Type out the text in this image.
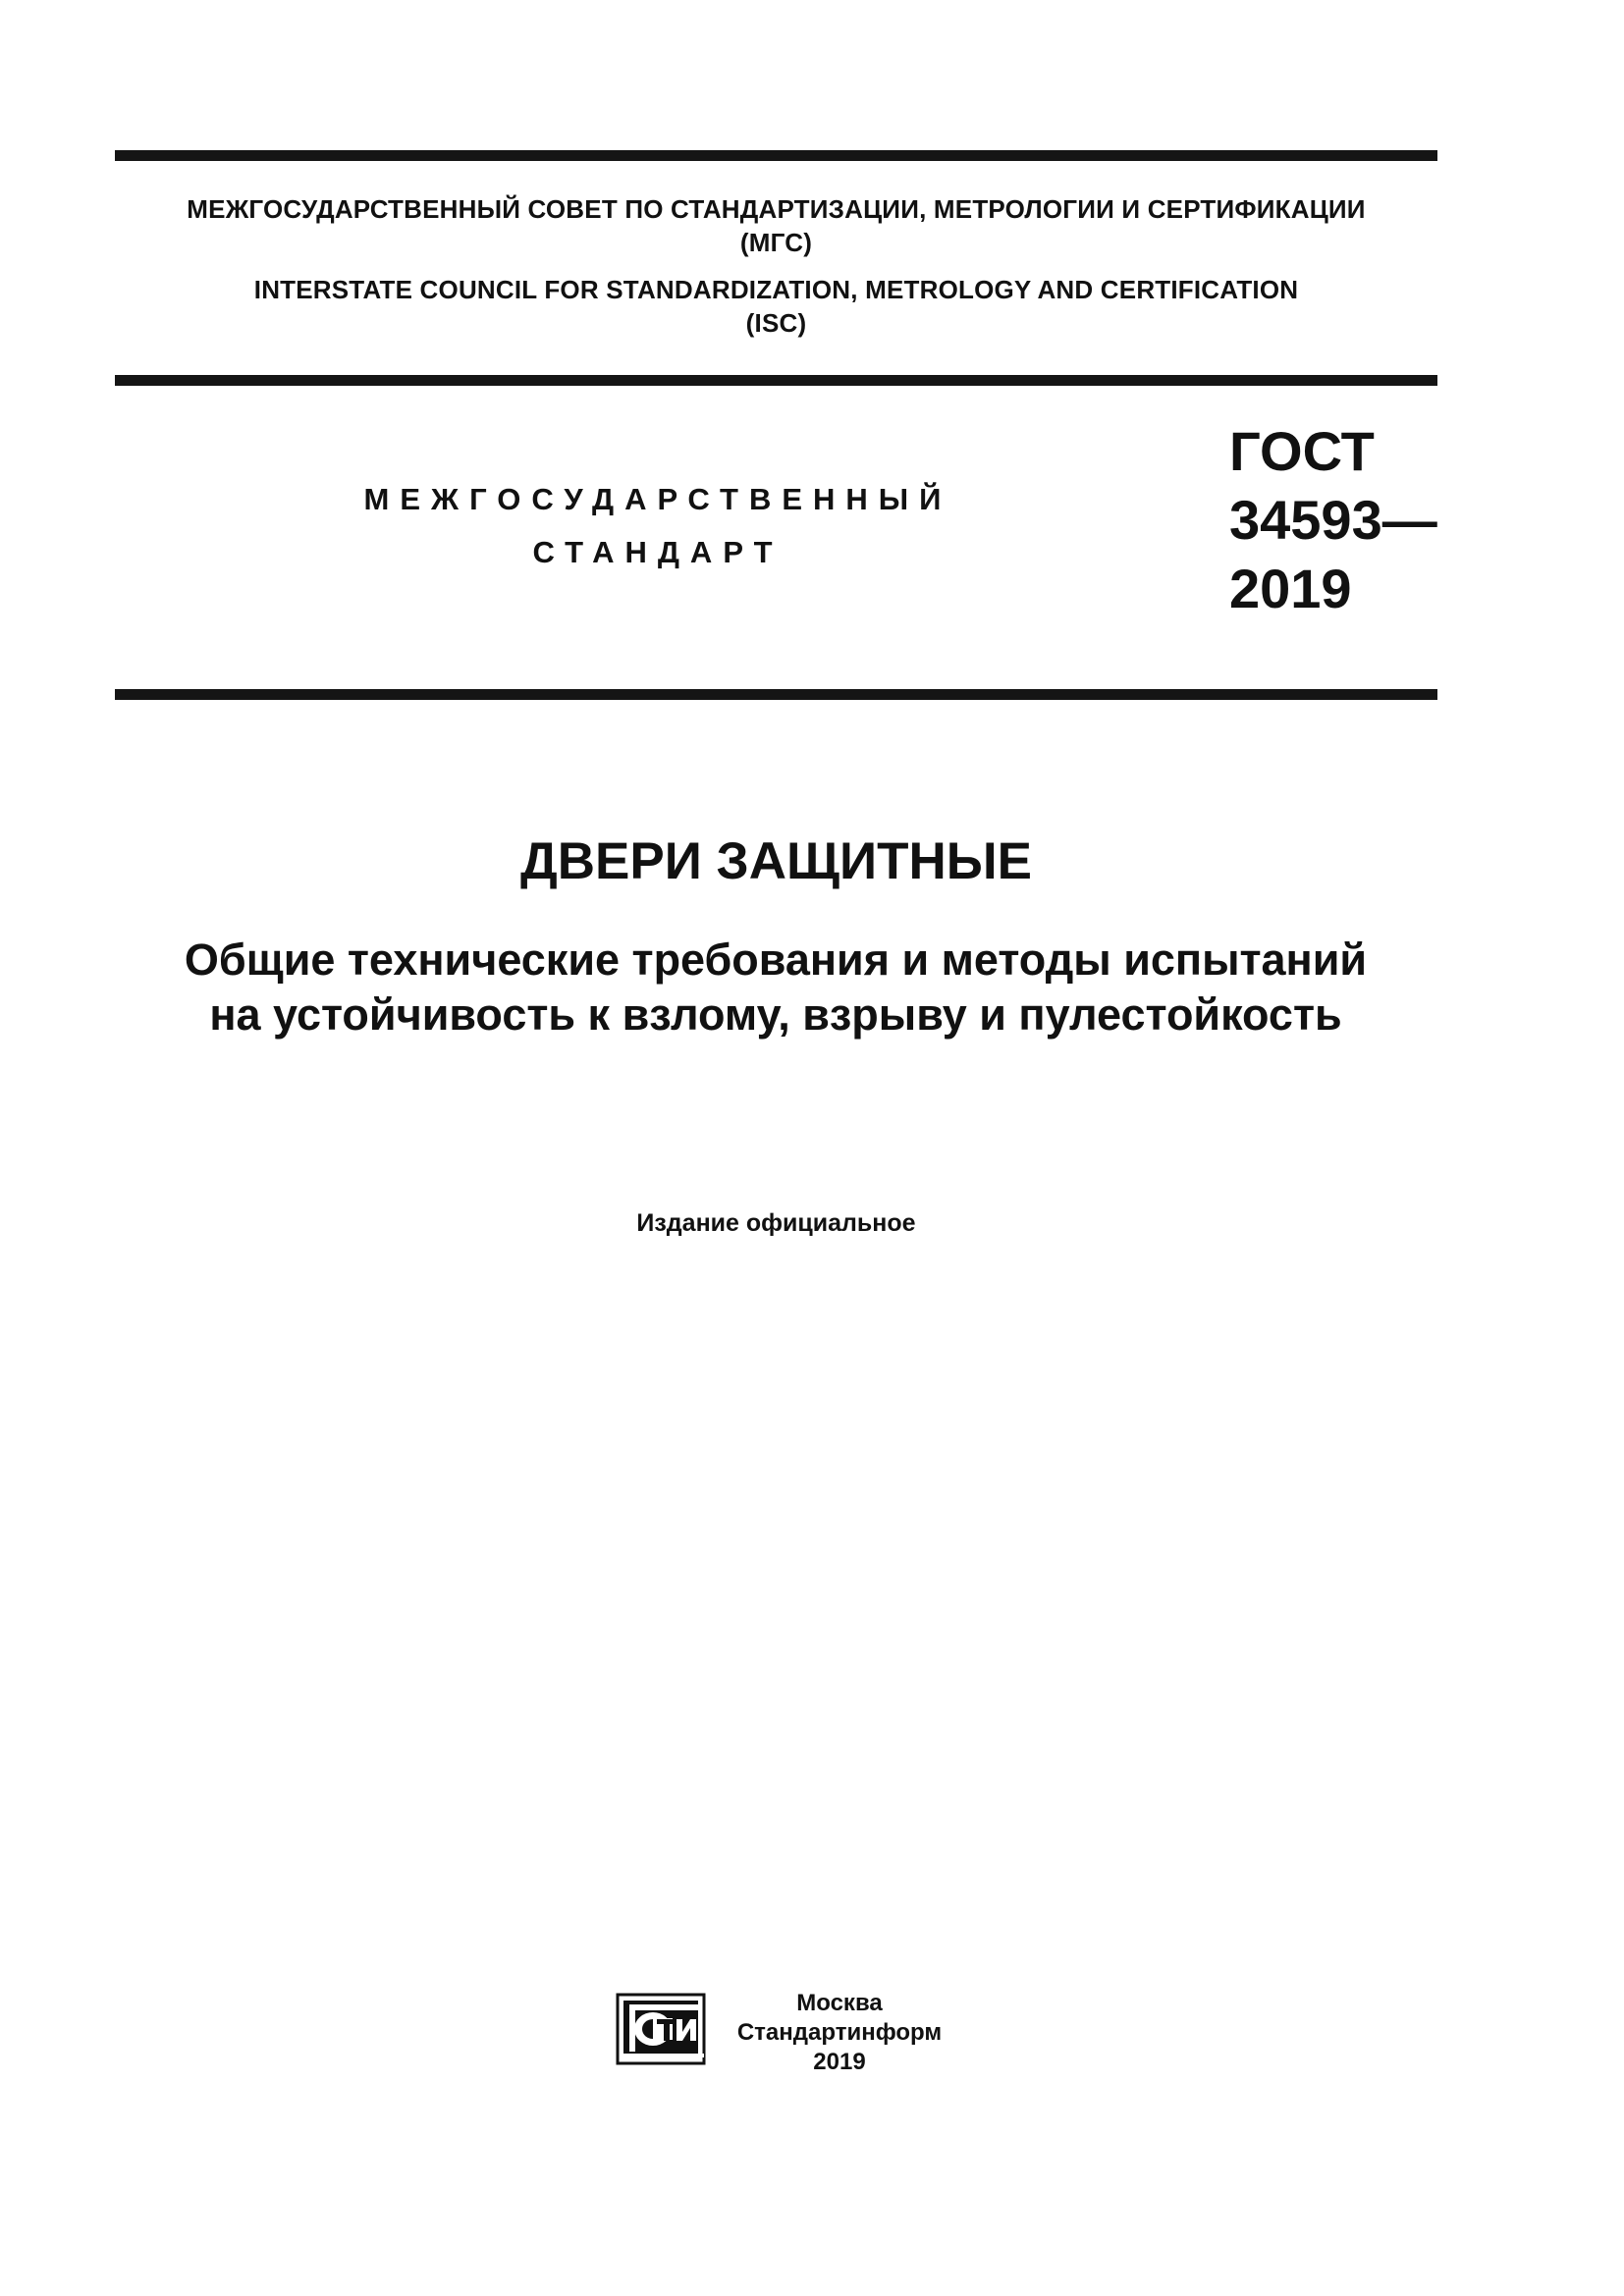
МЕЖГОСУДАРСТВЕННЫЙ СОВЕТ ПО СТАНДАРТИЗАЦИИ, МЕТРОЛОГИИ И СЕРТИФИКАЦИИ
(МГС)
INTERSTATE COUNCIL FOR STANDARDIZATION, METROLOGY AND CERTIFICATION
(ISC)
МЕЖГОСУДАРСТВЕННЫЙ
СТАНДАРТ
ГОСТ
34593—
2019
ДВЕРИ ЗАЩИТНЫЕ
Общие технические требования и методы испытаний
на устойчивость к взлому, взрыву и пулестойкость
Издание официальное
Москва
Стандартинформ
2019
